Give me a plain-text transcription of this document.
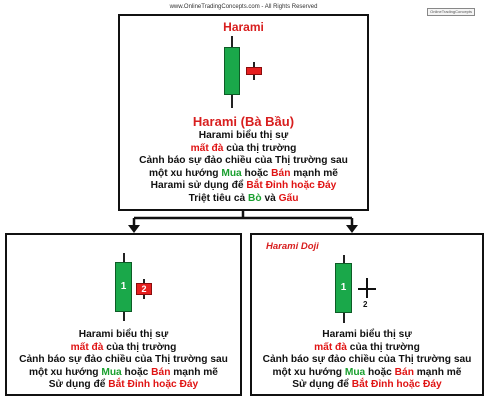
www.OnlineTradingConcepts.com - All Rights Reserved
OnlineTradingConcepts
Harami
Harami (Bà Bầu)
Harami biểu thị sự
mất đà của thị trường
Cảnh báo sự đảo chiều của Thị trường sau
một xu hướng Mua hoặc Bán mạnh mẽ
Harami sử dụng để Bắt Đỉnh hoặc Đáy
Triệt tiêu cả Bò và Gấu
1	2
Harami biểu thị sự
mất đà của thị trường
Cảnh báo sự đảo chiều của Thị trường sau
một xu hướng Mua hoặc Bán mạnh mẽ
Sử dụng để Bắt Đỉnh hoặc Đáy
Harami Doji
1
2
Harami biểu thị sự
mất đà của thị trường
Cảnh báo sự đảo chiều của Thị trường sau
một xu hướng Mua hoặc Bán mạnh mẽ
Sử dụng để Bắt Đỉnh hoặc Đáy
